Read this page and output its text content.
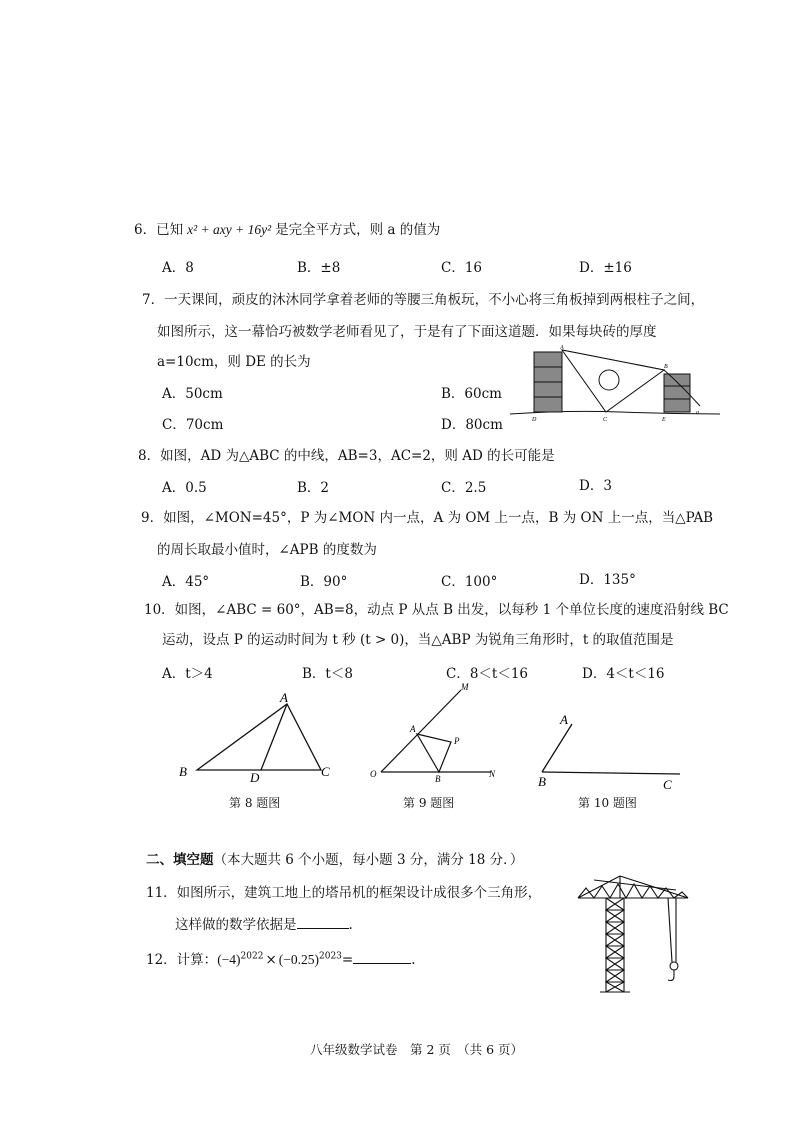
6．已知 x² + axy + 16y² 是完全平方式，则 a 的值为
A．8	B．±8	C．16	D．±16
7．一天课间，顽皮的沐沐同学拿着老师的等腰三角板玩，不小心将三角板掉到两根柱子之间，
如图所示，这一幕恰巧被数学老师看见了，于是有了下面这道题．如果每块砖的厚度
a=10cm，则 DE 的长为
A．50cm	B．60cm
C．70cm	D．80cm
A
B
C
D	E
a
8．如图，AD 为△ABC 的中线，AB=3，AC=2，则 AD 的长可能是
A．0.5	B．2	C．2.5	D．3
9．如图，∠MON=45°，P 为∠MON 内一点，A 为 OM 上一点，B 为 ON 上一点，当△PAB
的周长取最小值时，∠APB 的度数为
A．45°	B．90°	C．100°	D．135°
10．如图，∠ABC = 60°，AB=8，动点 P 从点 B 出发，以每秒 1 个单位长度的速度沿射线 BC
运动，设点 P 的运动时间为 t 秒 (t > 0)，当△ABP 为锐角三角形时，t 的取值范围是
A．t＞4	B．t＜8	C．8＜t＜16	D．4＜t＜16
A
B	D	C
第 8 题图
M
A
P
O	B	N
第 9 题图
A
B	C
第 10 题图
二、填空题（本大题共 6 个小题，每小题 3 分，满分 18 分．）
11．如图所示，建筑工地上的塔吊机的框架设计成很多个三角形，
这样做的数学依据是	.
12．计算：$(-4)^{2022} \times (-0.25)^{2023}=$	.
八年级数学试卷　第 2 页　（共 6 页）
